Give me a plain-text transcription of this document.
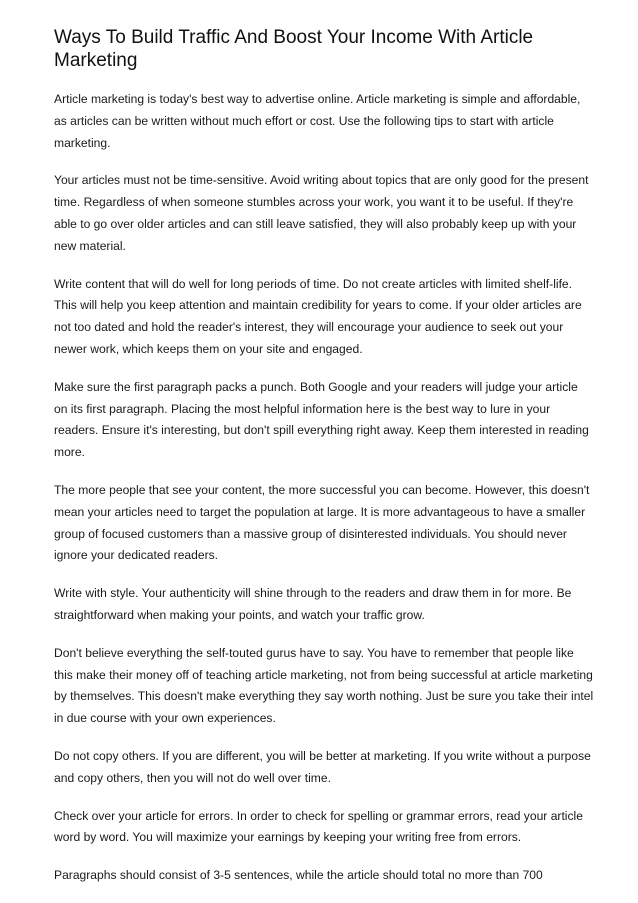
Ways To Build Traffic And Boost Your Income With Article Marketing

Article marketing is today's best way to advertise online. Article marketing is simple and affordable, as articles can be written without much effort or cost. Use the following tips to start with article marketing.

Your articles must not be time-sensitive. Avoid writing about topics that are only good for the present time. Regardless of when someone stumbles across your work, you want it to be useful. If they're able to go over older articles and can still leave satisfied, they will also probably keep up with your new material.

Write content that will do well for long periods of time. Do not create articles with limited shelf-life. This will help you keep attention and maintain credibility for years to come. If your older articles are not too dated and hold the reader's interest, they will encourage your audience to seek out your newer work, which keeps them on your site and engaged.

Make sure the first paragraph packs a punch. Both Google and your readers will judge your article on its first paragraph. Placing the most helpful information here is the best way to lure in your readers. Ensure it's interesting, but don't spill everything right away. Keep them interested in reading more.

The more people that see your content, the more successful you can become. However, this doesn't mean your articles need to target the population at large. It is more advantageous to have a smaller group of focused customers than a massive group of disinterested individuals. You should never ignore your dedicated readers.

Write with style. Your authenticity will shine through to the readers and draw them in for more. Be straightforward when making your points, and watch your traffic grow.

Don't believe everything the self-touted gurus have to say. You have to remember that people like this make their money off of teaching article marketing, not from being successful at article marketing by themselves. This doesn't make everything they say worth nothing. Just be sure you take their intel in due course with your own experiences.

Do not copy others. If you are different, you will be better at marketing. If you write without a purpose and copy others, then you will not do well over time.

Check over your article for errors. In order to check for spelling or grammar errors, read your article word by word. You will maximize your earnings by keeping your writing free from errors.

Paragraphs should consist of 3-5 sentences, while the article should total no more than 700
